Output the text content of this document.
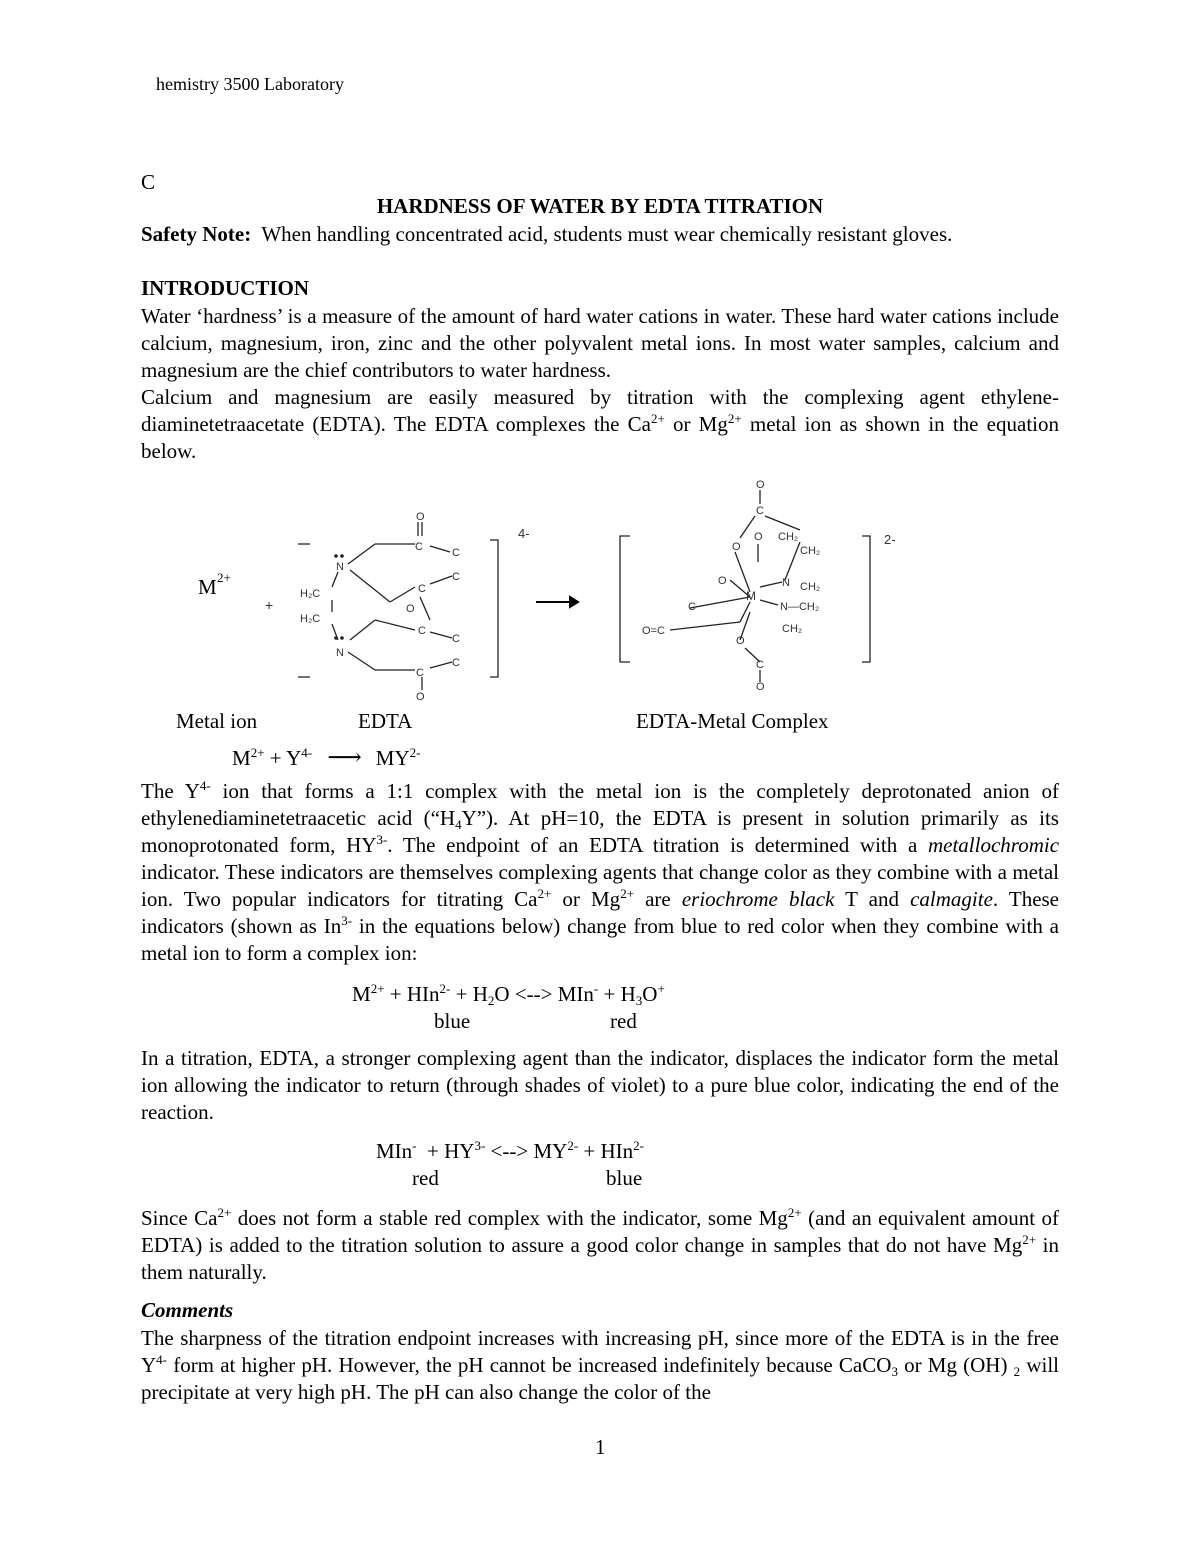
hemistry 3500 Laboratory
C
HARDNESS OF WATER BY EDTA TITRATION
Safety Note: When handling concentrated acid, students must wear chemically resistant gloves.
INTRODUCTION

Water ‘hardness’ is a measure of the amount of hard water cations in water. These hard water cations include calcium, magnesium, iron, zinc and the other polyvalent metal ions. In most water samples, calcium and magnesium are the chief contributors to water hardness.

Calcium and magnesium are easily measured by titration with the complexing agent ethylene-diaminetetraacetate (EDTA). The EDTA complexes the $Ca^{2+}$ or $Mg^{2+}$ metal ion as shown in the equation below.

M 2+
+
O
C	C
N
C
C
O
H₂C
H₂C
C
C
N
C
C
O
4-
O
C
O CH₂
O	CH₂
O	N CH₂
M
N—CH₂
C
CH₂
O=C
O
C
O
2-
Metal ion	EDTA	EDTA-Metal Complex
$M^{2+} + Y^{4-}$ ⟶ $MY^{2-}$

The $Y^{4-}$ ion that forms a 1:1 complex with the metal ion is the completely deprotonated anion of ethylenediaminetetraacetic acid $(“H_4Y”)$. At pH=10, the EDTA is present in solution primarily as its monoprotonated form, $HY^{3-}$. The endpoint of an EDTA titration is determined with a metallochromic indicator. These indicators are themselves complexing agents that change color as they combine with a metal ion. Two popular indicators for titrating $Ca^{2+}$ or $Mg^{2+}$ are eriochrome black T and calmagite. These indicators (shown as $In^{3-}$ in the equations below) change from blue to red color when they combine with a metal ion to form a complex ion:

$M^{2+} + HIn^{2-} + H_2O$ <--> $MIn^- + H_3O^+$
blue	red

In a titration, EDTA, a stronger complexing agent than the indicator, displaces the indicator form the metal ion allowing the indicator to return (through shades of violet) to a pure blue color, indicating the end of the reaction.

$MIn^- + HY^{3-}$ <--> $MY^{2-} + HIn^{2-}$
red	blue

Since $Ca^{2+}$ does not form a stable red complex with the indicator, some $Mg^{2+}$ (and an equivalent amount of EDTA) is added to the titration solution to assure a good color change in samples that do not have $Mg^{2+}$ in them naturally.

Comments

The sharpness of the titration endpoint increases with increasing pH, since more of the EDTA is in the free $Y^{4-}$ form at higher pH. However, the pH cannot be increased indefinitely because CaCO$_3$ or Mg (OH) $_2$ will precipitate at very high pH. The pH can also change the color of the

1
